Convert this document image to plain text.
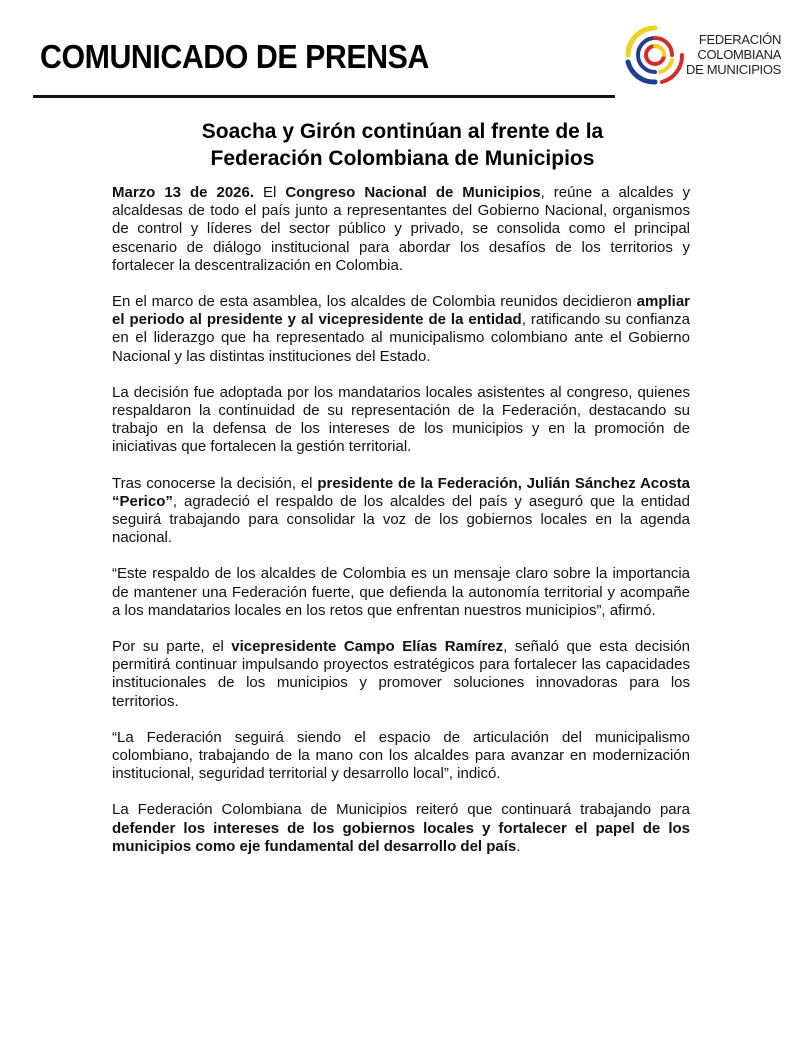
COMUNICADO DE PRENSA	FEDERACIÓN
COLOMBIANA
DE MUNICIPIOS
Soacha y Girón continúan al frente de la
Federación Colombiana de Municipios

Marzo 13 de 2026. El Congreso Nacional de Municipios, reúne a alcaldes y alcaldesas de todo el país junto a representantes del Gobierno Nacional, organismos de control y líderes del sector público y privado, se consolida como el principal escenario de diálogo institucional para abordar los desafíos de los territorios y fortalecer la descentralización en Colombia.

En el marco de esta asamblea, los alcaldes de Colombia reunidos decidieron ampliar el periodo al presidente y al vicepresidente de la entidad, ratificando su confianza en el liderazgo que ha representado al municipalismo colombiano ante el Gobierno Nacional y las distintas instituciones del Estado.

La decisión fue adoptada por los mandatarios locales asistentes al congreso, quienes respaldaron la continuidad de su representación de la Federación, destacando su trabajo en la defensa de los intereses de los municipios y en la promoción de iniciativas que fortalecen la gestión territorial.

Tras conocerse la decisión, el presidente de la Federación, Julián Sánchez Acosta “Perico”, agradeció el respaldo de los alcaldes del país y aseguró que la entidad seguirá trabajando para consolidar la voz de los gobiernos locales en la agenda nacional.

“Este respaldo de los alcaldes de Colombia es un mensaje claro sobre la importancia de mantener una Federación fuerte, que defienda la autonomía territorial y acompañe a los mandatarios locales en los retos que enfrentan nuestros municipios”, afirmó.

Por su parte, el vicepresidente Campo Elías Ramírez, señaló que esta decisión permitirá continuar impulsando proyectos estratégicos para fortalecer las capacidades institucionales de los municipios y promover soluciones innovadoras para los territorios.

“La Federación seguirá siendo el espacio de articulación del municipalismo colombiano, trabajando de la mano con los alcaldes para avanzar en modernización institucional, seguridad territorial y desarrollo local”, indicó.

La Federación Colombiana de Municipios reiteró que continuará trabajando para defender los intereses de los gobiernos locales y fortalecer el papel de los municipios como eje fundamental del desarrollo del país.
